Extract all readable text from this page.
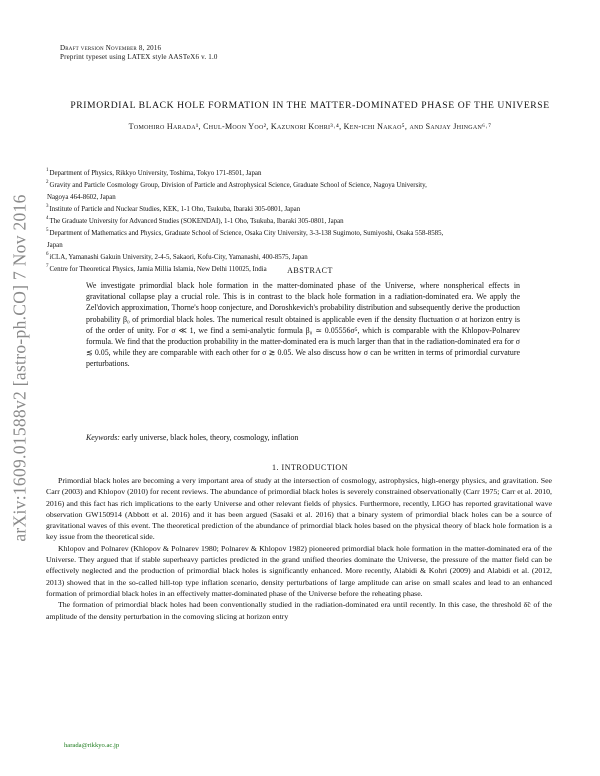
Draft version November 8, 2016
Preprint typeset using LATEX style AASTeX6 v. 1.0
PRIMORDIAL BLACK HOLE FORMATION IN THE MATTER-DOMINATED PHASE OF THE UNIVERSE
Tomohiro Harada¹, Chul-Moon Yoo², Kazunori Kohri³˒⁴, Ken-ichi Nakao⁵, and Sanjay Jhingan⁶˒⁷
arXiv:1609.01588v2 [astro-ph.CO] 7 Nov 2016
1 Department of Physics, Rikkyo University, Toshima, Tokyo 171-8501, Japan
2 Gravity and Particle Cosmology Group, Division of Particle and Astrophysical Science, Graduate School of Science, Nagoya University,
Nagoya 464-8602, Japan
3 Institute of Particle and Nuclear Studies, KEK, 1-1 Oho, Tsukuba, Ibaraki 305-0801, Japan
4 The Graduate University for Advanced Studies (SOKENDAI), 1-1 Oho, Tsukuba, Ibaraki 305-0801, Japan
5 Department of Mathematics and Physics, Graduate School of Science, Osaka City University, 3-3-138 Sugimoto, Sumiyoshi, Osaka 558-8585,
Japan
6 iCLA, Yamanashi Gakuin University, 2-4-5, Sakaori, Kofu-City, Yamanashi, 400-8575, Japan
7 Centre for Theoretical Physics, Jamia Millia Islamia, New Delhi 110025, India	ABSTRACT
We investigate primordial black hole formation in the matter-dominated phase of the Universe, where nonspherical effects in gravitational collapse play a crucial role. This is in contrast to the black hole formation in a radiation-dominated era. We apply the Zel'dovich approximation, Thorne's hoop conjecture, and Doroshkevich's probability distribution and subsequently derive the production probability β₀ of primordial black holes. The numerical result obtained is applicable even if the density fluctuation σ at horizon entry is of the order of unity. For σ ≪ 1, we find a semi-analytic formula β₀ ≃ 0.05556σ⁵, which is comparable with the Khlopov-Polnarev formula. We find that the production probability in the matter-dominated era is much larger than that in the radiation-dominated era for σ ≲ 0.05, while they are comparable with each other for σ ≳ 0.05. We also discuss how σ can be written in terms of primordial curvature perturbations.
Keywords: early universe, black holes, theory, cosmology, inflation
1. INTRODUCTION

Primordial black holes are becoming a very important area of study at the intersection of cosmology, astrophysics, high-energy physics, and gravitation. See Carr (2003) and Khlopov (2010) for recent reviews. The abundance of primordial black holes is severely constrained observationally (Carr 1975; Carr et al. 2010, 2016) and this fact has rich implications to the early Universe and other relevant fields of physics. Furthermore, recently, LIGO has reported gravitational wave observation GW150914 (Abbott et al. 2016) and it has been argued (Sasaki et al. 2016) that a binary system of primordial black holes can be a source of gravitational waves of this event. The theoretical prediction of the abundance of primordial black holes based on the physical theory of black hole formation is a key issue from the theoretical side.

Khlopov and Polnarev (Khlopov & Polnarev 1980; Polnarev & Khlopov 1982) pioneered primordial black hole formation in the matter-dominated era of the Universe. They argued that if stable superheavy particles predicted in the grand unified theories dominate the Universe, the pressure of the matter field can be effectively neglected and the production of primordial black holes is significantly enhanced. More recently, Alabidi & Kohri (2009) and Alabidi et al. (2012, 2013) showed that in the so-called hill-top type inflation scenario, density perturbations of large amplitude can arise on small scales and lead to an enhanced formation of primordial black holes in an effectively matter-dominated phase of the Universe before the reheating phase.

The formation of primordial black holes had been conventionally studied in the radiation-dominated era until recently. In this case, the threshold δ̃c of the amplitude of the density perturbation in the comoving slicing at horizon entry

harada@rikkyo.ac.jp
